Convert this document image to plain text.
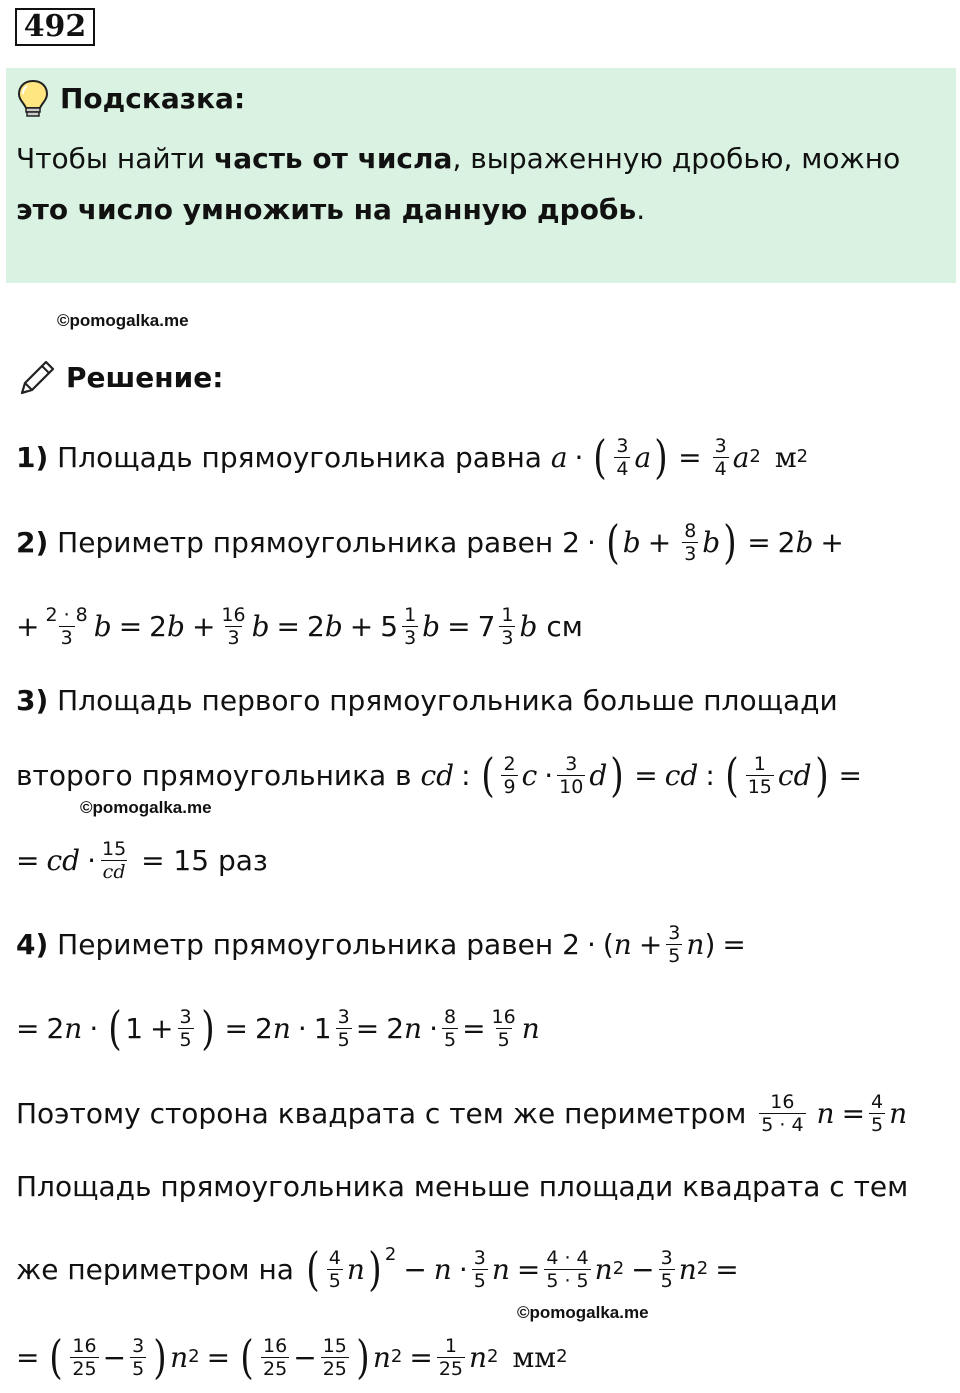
492
Подсказка:
Чтобы найти часть от числа , выраженную дробью, можно
это число умножить на данную дробь .
©pomogalka.me
Решение:
1) Площадь прямоугольника равна a · ( $\frac{3}{4}$ a ) = $\frac{3}{4}$ a 2 м 2
2) Периметр прямоугольника равен 2 · ( $b + \frac{8}{3}$ b ) = 2 b +
+ $\frac{2 \cdot 8}{3}$ b = 2 $b + \frac{16}{3}$ b = 2 $b + 5 \frac{1}{3}$ $b = 7 \frac{1}{3}$ b см
3) Площадь первого прямоугольника больше площади
второго прямоугольника в cd : ( $\frac{2}{9}$ $c \cdot \frac{3}{10}$ d ) = cd : ( $\frac{1}{15}$ cd ) =
©pomogalka.me
= cd · $\frac{15}{cd} = 15$ раз
4) Периметр прямоугольника равен 2 · ( $n + \frac{3}{5}$ n ) =
= 2 n · ( $1 + \frac{3}{5}$ ) = 2 $n \cdot 1 \frac{3}{5} = 2$ $n \cdot \frac{8}{5} = \frac{16}{5}$ n
Поэтому сторона квадрата с тем же периметром $\frac{16}{5 \cdot 4}$ $n = \frac{4}{5}$ n
Площадь прямоугольника меньше площади квадрата с тем
же периметром на ( $\frac{4}{5}$ n )$^2 - n \cdot \frac{3}{5}$ $n = \frac{4 \cdot 4}{5 \cdot 5}$ n $2 - \frac{3}{5}$ n 2 =
©pomogalka.me
= ( $\frac{16}{25} - \frac{3}{5}$ ) n 2 = ( $\frac{16}{25} - \frac{15}{25}$ ) n $2 = \frac{1}{25}$ n 2 мм 2
